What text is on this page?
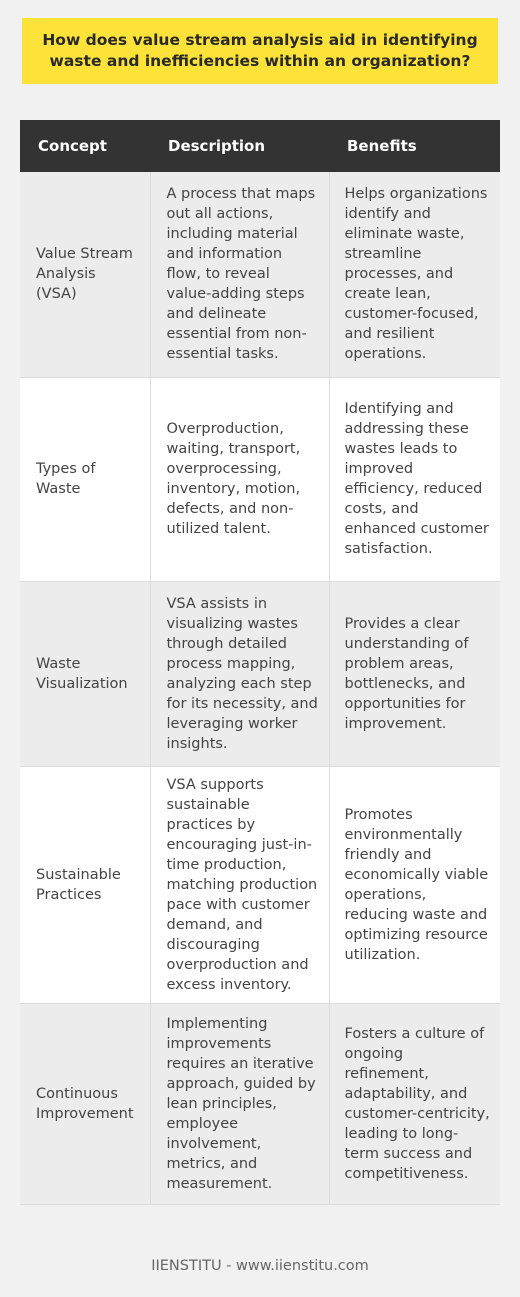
How does value stream analysis aid in identifying waste and inefficiencies within an organization?
Concept	Description	Benefits
Value Stream Analysis (VSA)	A process that maps out all actions, including material and information flow, to reveal value-adding steps and delineate essential from non-essential tasks.	Helps organizations identify and eliminate waste, streamline processes, and create lean, customer-focused, and resilient operations.
Types of Waste	Overproduction, waiting, transport, overprocessing, inventory, motion, defects, and non-utilized talent.	Identifying and addressing these wastes leads to improved efficiency, reduced costs, and enhanced customer satisfaction.
Waste Visualization	VSA assists in visualizing wastes through detailed process mapping, analyzing each step for its necessity, and leveraging worker insights.	Provides a clear understanding of problem areas, bottlenecks, and opportunities for improvement.
Sustainable Practices	VSA supports sustainable practices by encouraging just-in-time production, matching production pace with customer demand, and discouraging overproduction and excess inventory.	Promotes environmentally friendly and economically viable operations, reducing waste and optimizing resource utilization.
Continuous Improvement	Implementing improvements requires an iterative approach, guided by lean principles, employee involvement, metrics, and measurement.	Fosters a culture of ongoing refinement, adaptability, and customer-centricity, leading to long-term success and competitiveness.
IIENSTITU - www.iienstitu.com
